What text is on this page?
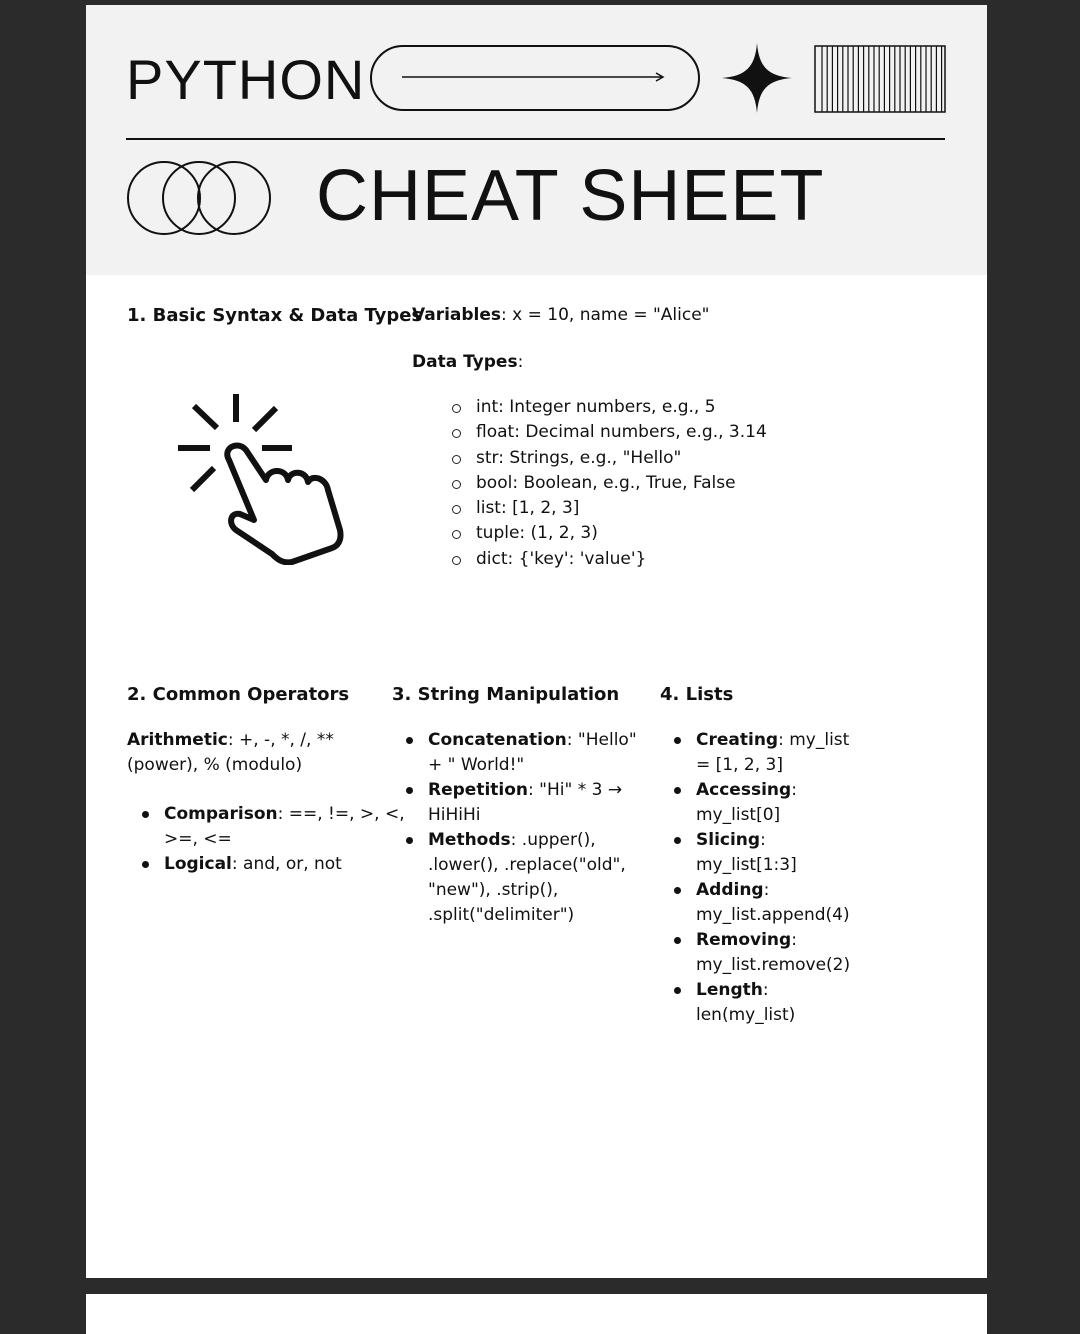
PYTHON
CHEAT SHEET
1. Basic Syntax & Data Types
Variables: x = 10, name = "Alice"
Data Types:
int: Integer numbers, e.g., 5
float: Decimal numbers, e.g., 3.14
str: Strings, e.g., "Hello"
bool: Boolean, e.g., True, False
list: [1, 2, 3]
tuple: (1, 2, 3)
dict: {'key': 'value'}
2. Common Operators
Arithmetic: +, -, *, /, **
(power), % (modulo)
Comparison: ==, !=, >, <,
>=, <=
Logical: and, or, not
3. String Manipulation
Concatenation: "Hello"
+ " World!"
Repetition: "Hi" * 3 →
HiHiHi
Methods: .upper(),
.lower(), .replace("old",
"new"), .strip(),
.split("delimiter")
4. Lists
Creating: my_list
= [1, 2, 3]
Accessing:
my_list[0]
Slicing:
my_list[1:3]
Adding:
my_list.append(4)
Removing:
my_list.remove(2)
Length:
len(my_list)
